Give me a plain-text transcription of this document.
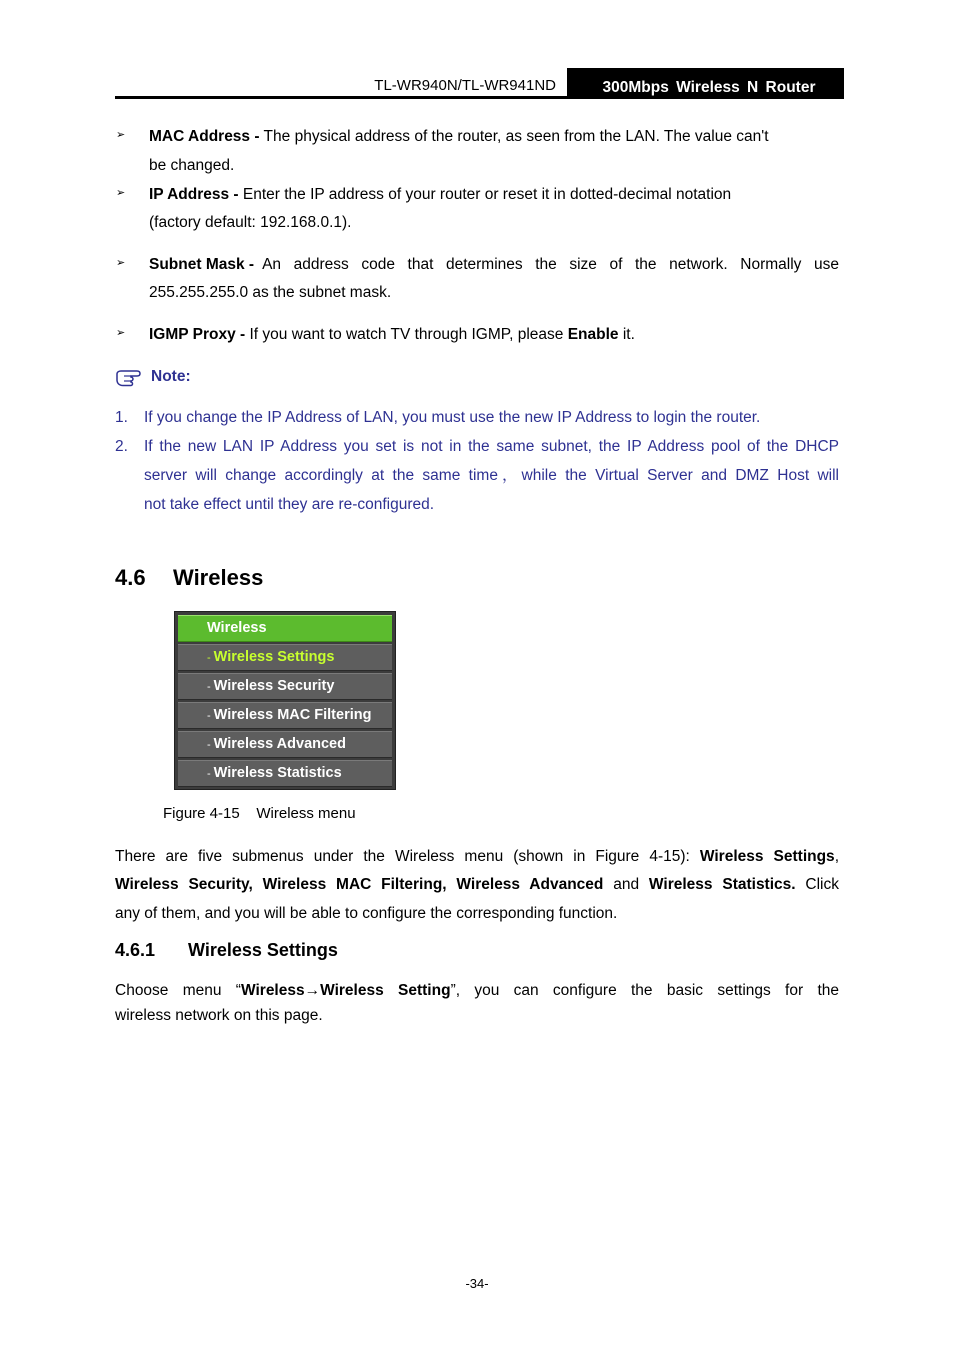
TL-WR940N/TL-WR941ND	300Mbps Wireless N Router
➢ MAC Address - The physical address of the router, as seen from the LAN. The value can't
be changed.
➢ IP Address - Enter the IP address of your router or reset it in dotted-decimal notation
(factory default: 192.168.0.1).
➢ Subnet Mask - An address code that determines the size of the network. Normally use
255.255.255.0 as the subnet mask.
➢ IGMP Proxy - If you want to watch TV through IGMP, please Enable it.
Note:
1. If you change the IP Address of LAN, you must use the new IP Address to login the router.
2. If the new LAN IP Address you set is not in the same subnet, the IP Address pool of the DHCP
server will change accordingly at the same time，while the Virtual Server and DMZ Host will
not take effect until they are re-configured.
4.6 Wireless
Wireless
- Wireless Settings
- Wireless Security
- Wireless MAC Filtering
- Wireless Advanced
- Wireless Statistics
Figure 4-15    Wireless menu
There are five submenus under the Wireless menu (shown in Figure 4-15): Wireless Settings,
Wireless Security, Wireless MAC Filtering, Wireless Advanced and Wireless Statistics. Click
any of them, and you will be able to configure the corresponding function.
4.6.1 Wireless Settings
Choose menu “Wireless→Wireless Setting”, you can configure the basic settings for the
wireless network on this page.
-34-
